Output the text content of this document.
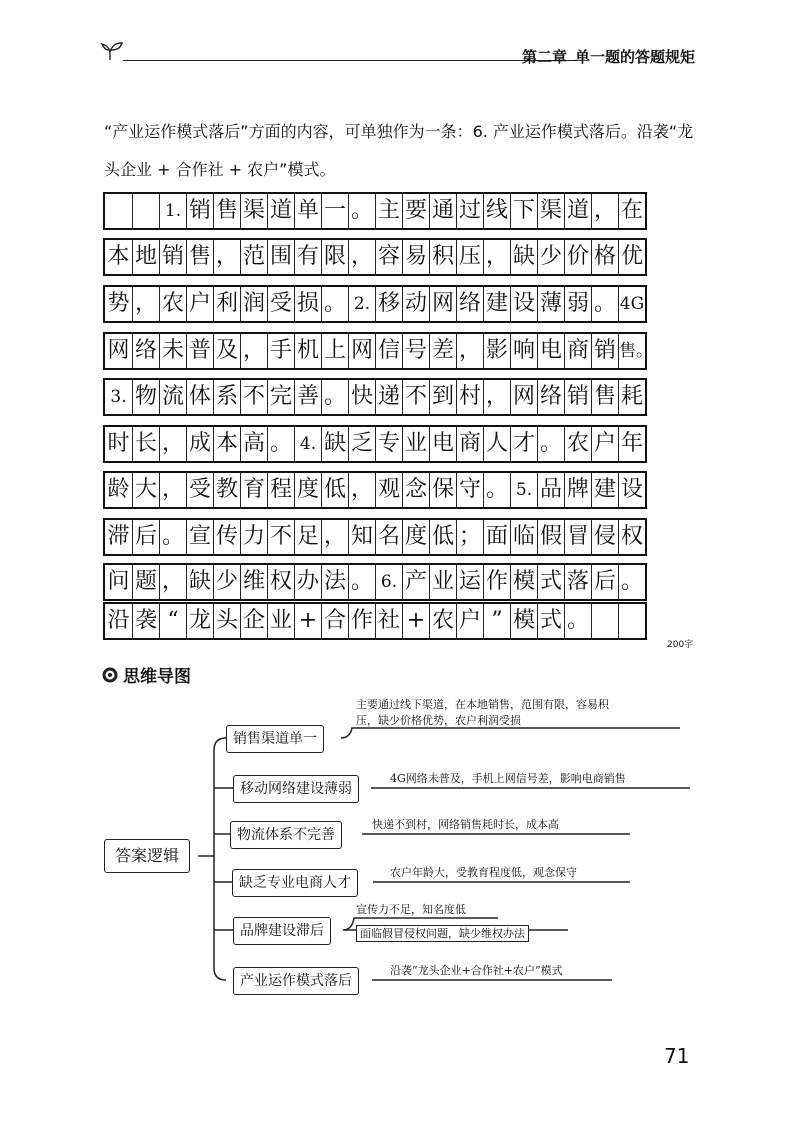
第二章 单一题的答题规矩
“产业运作模式落后”方面的内容，可单独作为一条：6. 产业运作模式落后。沿袭“龙
头企业 + 合作社 + 农户”模式。
1. 销 售 渠 道 单 一 。 主 要 通 过 线 下 渠 道 ， 在
本 地 销 售 ， 范 围 有 限 ， 容 易 积 压 ， 缺 少 价 格 优
势 ， 农 户 利 润 受 损 。 2. 移 动 网 络 建 设 薄 弱 。 4G
网 络 未 普 及 ， 手 机 上 网 信 号 差 ， 影 响 电 商 销 售。
3. 物 流 体 系 不 完 善 。 快 递 不 到 村 ， 网 络 销 售 耗
时 长 ， 成 本 高 。 4. 缺 乏 专 业 电 商 人 才 。 农 户 年
龄 大 ， 受 教 育 程 度 低 ， 观 念 保 守 。 5. 品 牌 建 设
滞 后 。 宣 传 力 不 足 ， 知 名 度 低 ； 面 临 假 冒 侵 权
问 题 ， 缺 少 维 权 办 法 。 6. 产 业 运 作 模 式 落 后 。
沿 袭 “ 龙 头 企 业 + 合 作 社 + 农 户 ” 模 式 。
200字
思维导图
答案逻辑
销售渠道单一
移动网络建设薄弱
物流体系不完善
缺乏专业电商人才
品牌建设滞后
产业运作模式落后
主要通过线下渠道，在本地销售，范围有限，容易积
压，缺少价格优势，农户利润受损
4G网络未普及，手机上网信号差，影响电商销售
快递不到村，网络销售耗时长，成本高
农户年龄大，受教育程度低，观念保守
宣传力不足，知名度低
面临假冒侵权问题，缺少维权办法
沿袭“龙头企业+合作社+农户”模式
71
